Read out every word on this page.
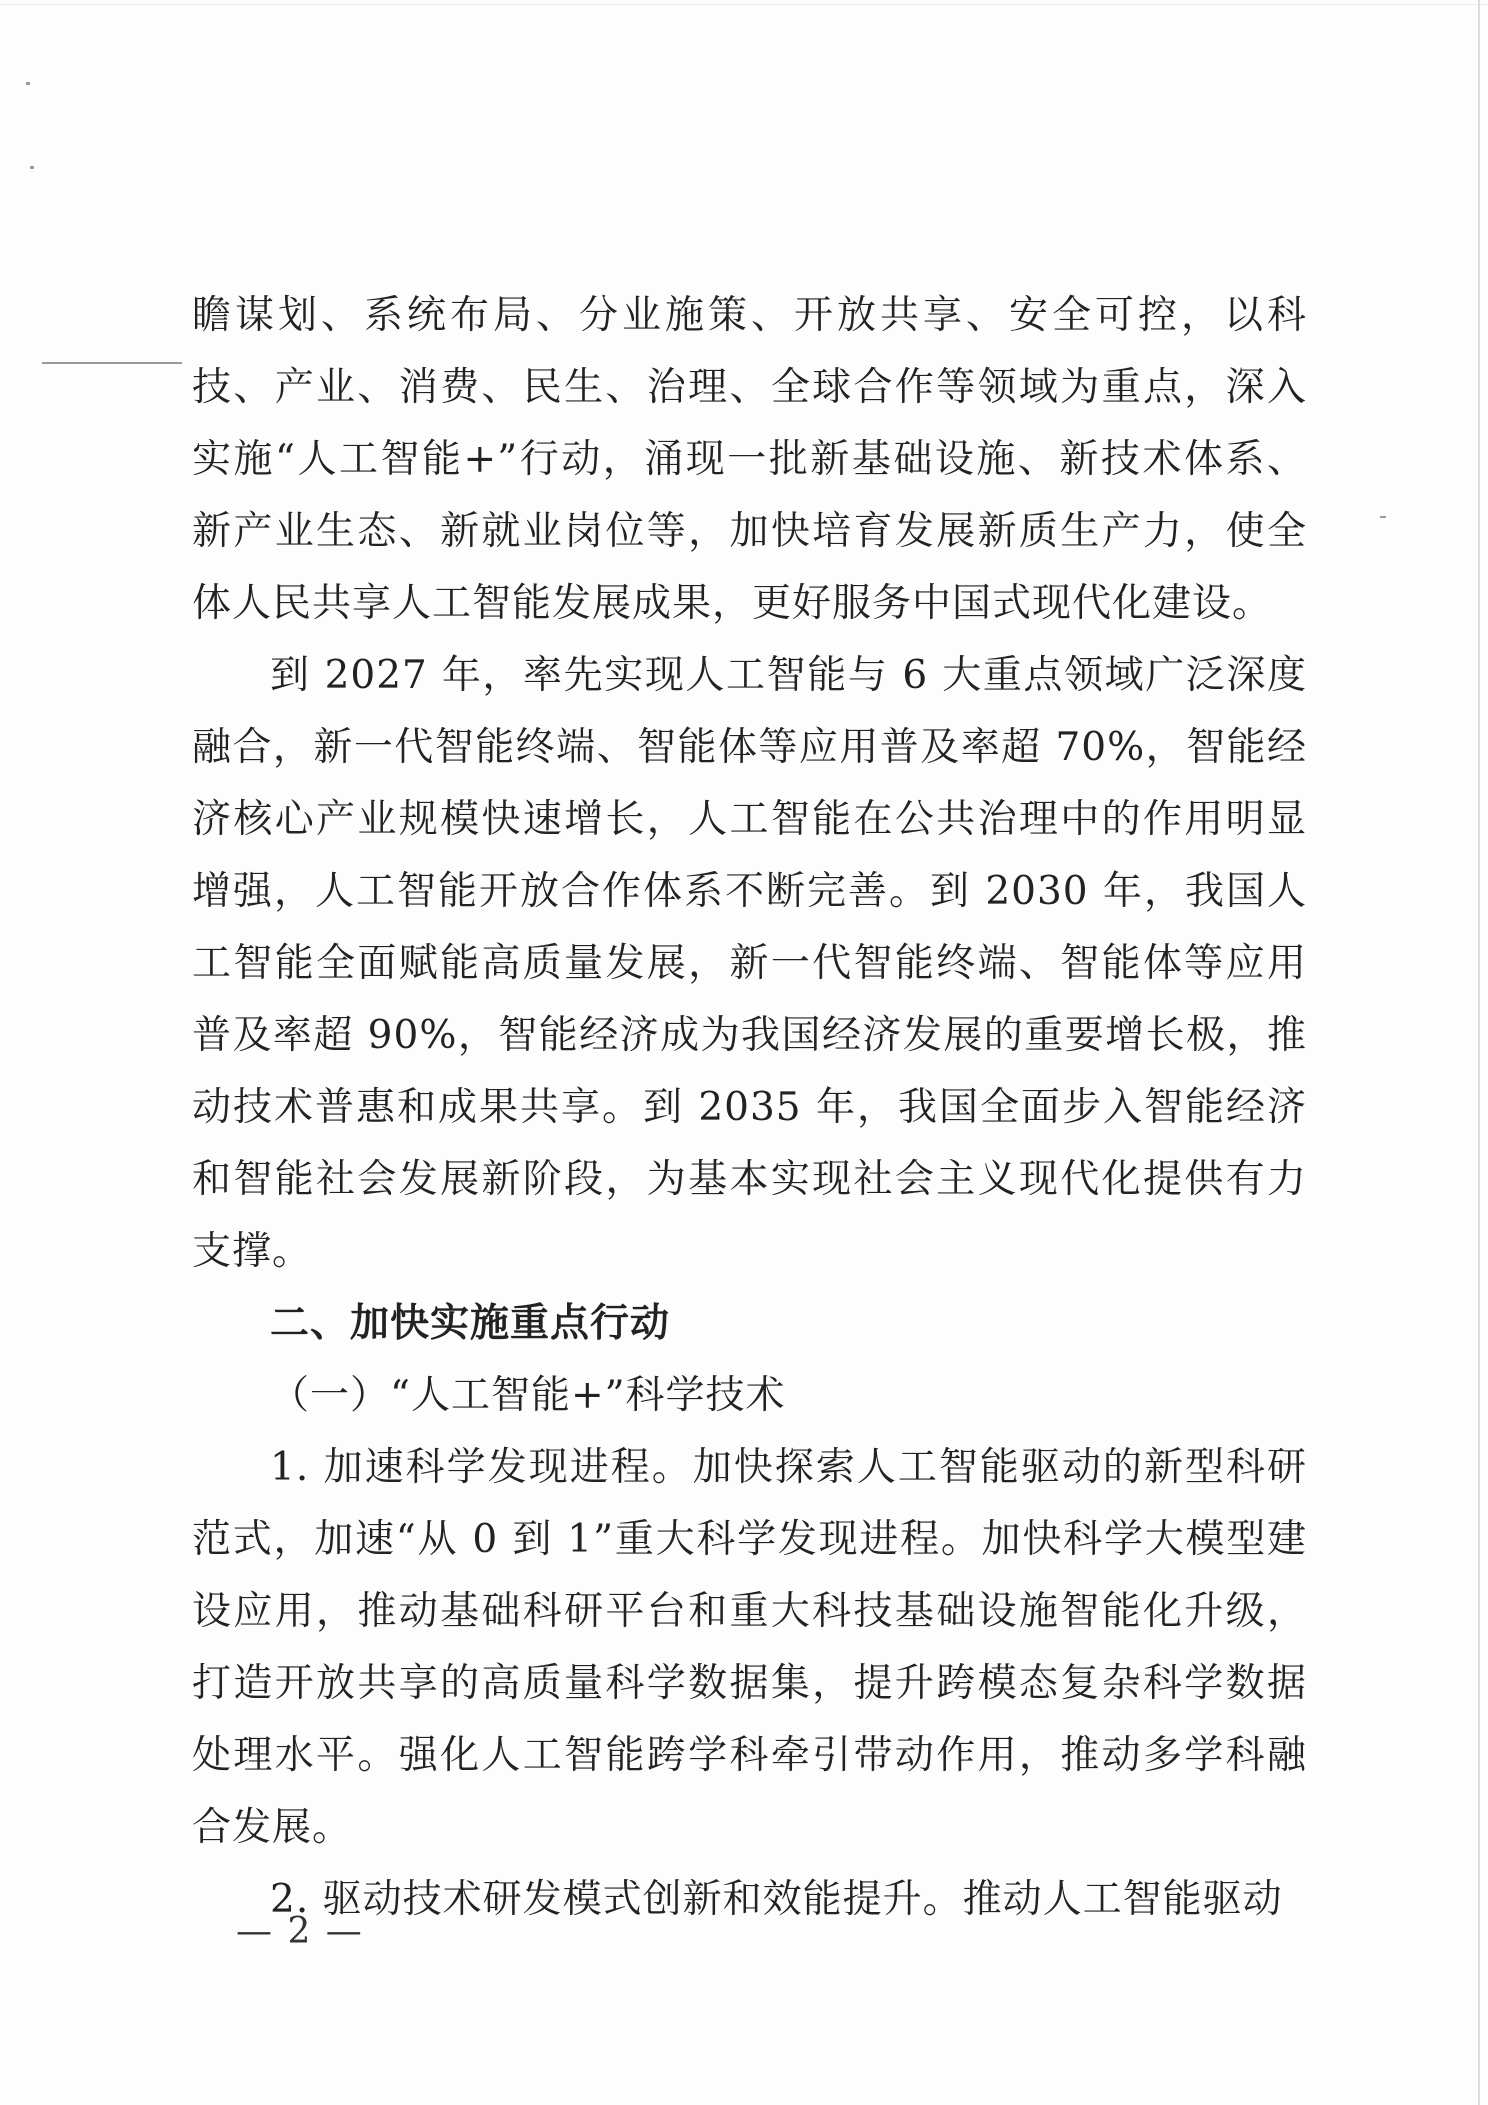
瞻谋划、系统布局、分业施策、开放共享、安全可控，以科技、产业、消费、民生、治理、全球合作等领域为重点，深入实施“人工智能+”行动，涌现一批新基础设施、新技术体系、新产业生态、新就业岗位等，加快培育发展新质生产力，使全体人民共享人工智能发展成果，更好服务中国式现代化建设。

到 2027 年，率先实现人工智能与 6 大重点领域广泛深度融合，新一代智能终端、智能体等应用普及率超 70%，智能经济核心产业规模快速增长，人工智能在公共治理中的作用明显增强，人工智能开放合作体系不断完善。到 2030 年，我国人工智能全面赋能高质量发展，新一代智能终端、智能体等应用普及率超 90%，智能经济成为我国经济发展的重要增长极，推动技术普惠和成果共享。到 2035 年，我国全面步入智能经济和智能社会发展新阶段，为基本实现社会主义现代化提供有力支撑。

二、加快实施重点行动

（一）“人工智能+”科学技术

1. 加速科学发现进程。加快探索人工智能驱动的新型科研范式，加速“从 0 到 1”重大科学发现进程。加快科学大模型建设应用，推动基础科研平台和重大科技基础设施智能化升级，打造开放共享的高质量科学数据集，提升跨模态复杂科学数据处理水平。强化人工智能跨学科牵引带动作用，推动多学科融合发展。

2. 驱动技术研发模式创新和效能提升。推动人工智能驱动

— 2 —
